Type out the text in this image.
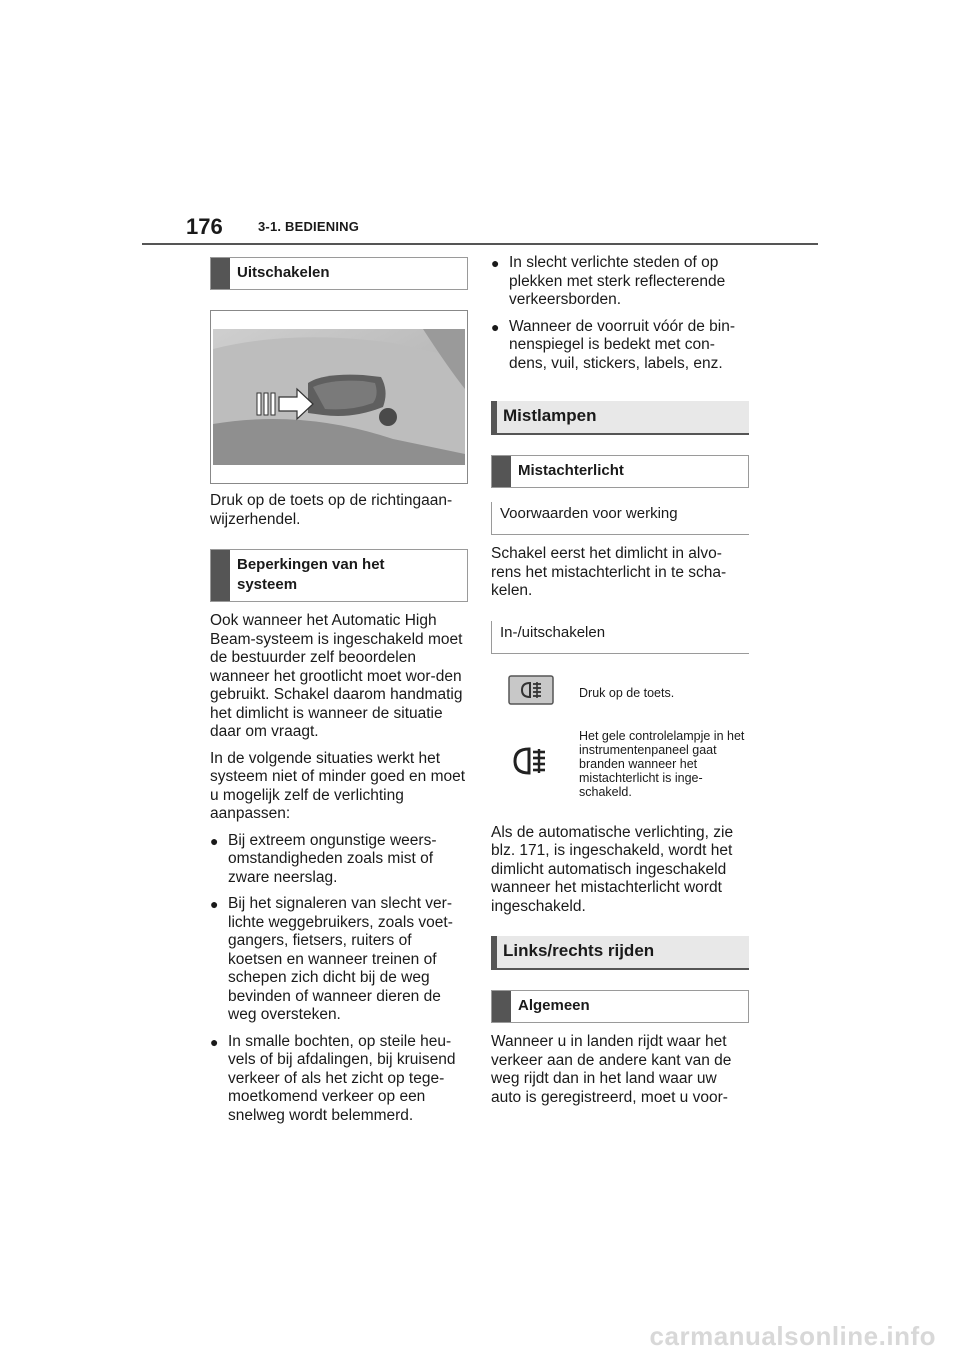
176	3-1. BEDIENING
Uitschakelen

Druk op de toets op de richtingaan-wijzerhendel.

Beperkingen van het
systeem

Ook wanneer het Automatic High Beam-systeem is ingeschakeld moet de bestuurder zelf beoordelen wanneer het grootlicht moet wor-den gebruikt. Schakel daarom handmatig het dimlicht is wanneer de situatie daar om vraagt.

In de volgende situaties werkt het systeem niet of minder goed en moet u mogelijk zelf de verlichting aanpassen:

● Bij extreem ongunstige weers-omstandigheden zoals mist of zware neerslag.

● Bij het signaleren van slecht ver-lichte weggebruikers, zoals voet-gangers, fietsers, ruiters of koetsen en wanneer treinen of schepen zich dicht bij de weg bevinden of wanneer dieren de weg oversteken.

● In smalle bochten, op steile heu-vels of bij afdalingen, bij kruisend verkeer of als het zicht op tege-moetkomend verkeer op een snelweg wordt belemmerd.

● In slecht verlichte steden of op plekken met sterk reflecterende verkeersborden.

● Wanneer de voorruit vóór de bin-nenspiegel is bedekt met con-dens, vuil, stickers, labels, enz.

Mistlampen
Mistachterlicht
Voorwaarden voor werking

Schakel eerst het dimlicht in alvo-rens het mistachterlicht in te scha-kelen.

In-/uitschakelen
	Druk op de toets.
	Het gele controlelampje in het instrumentenpaneel gaat branden wanneer het mistachterlicht is inge-schakeld.

Als de automatische verlichting, zie blz. 171, is ingeschakeld, wordt het dimlicht automatisch ingeschakeld wanneer het mistachterlicht wordt ingeschakeld.

Links/rechts rijden
Algemeen

Wanneer u in landen rijdt waar het verkeer aan de andere kant van de weg rijdt dan in het land waar uw auto is geregistreerd, moet u voor-

carmanualsonline.info
